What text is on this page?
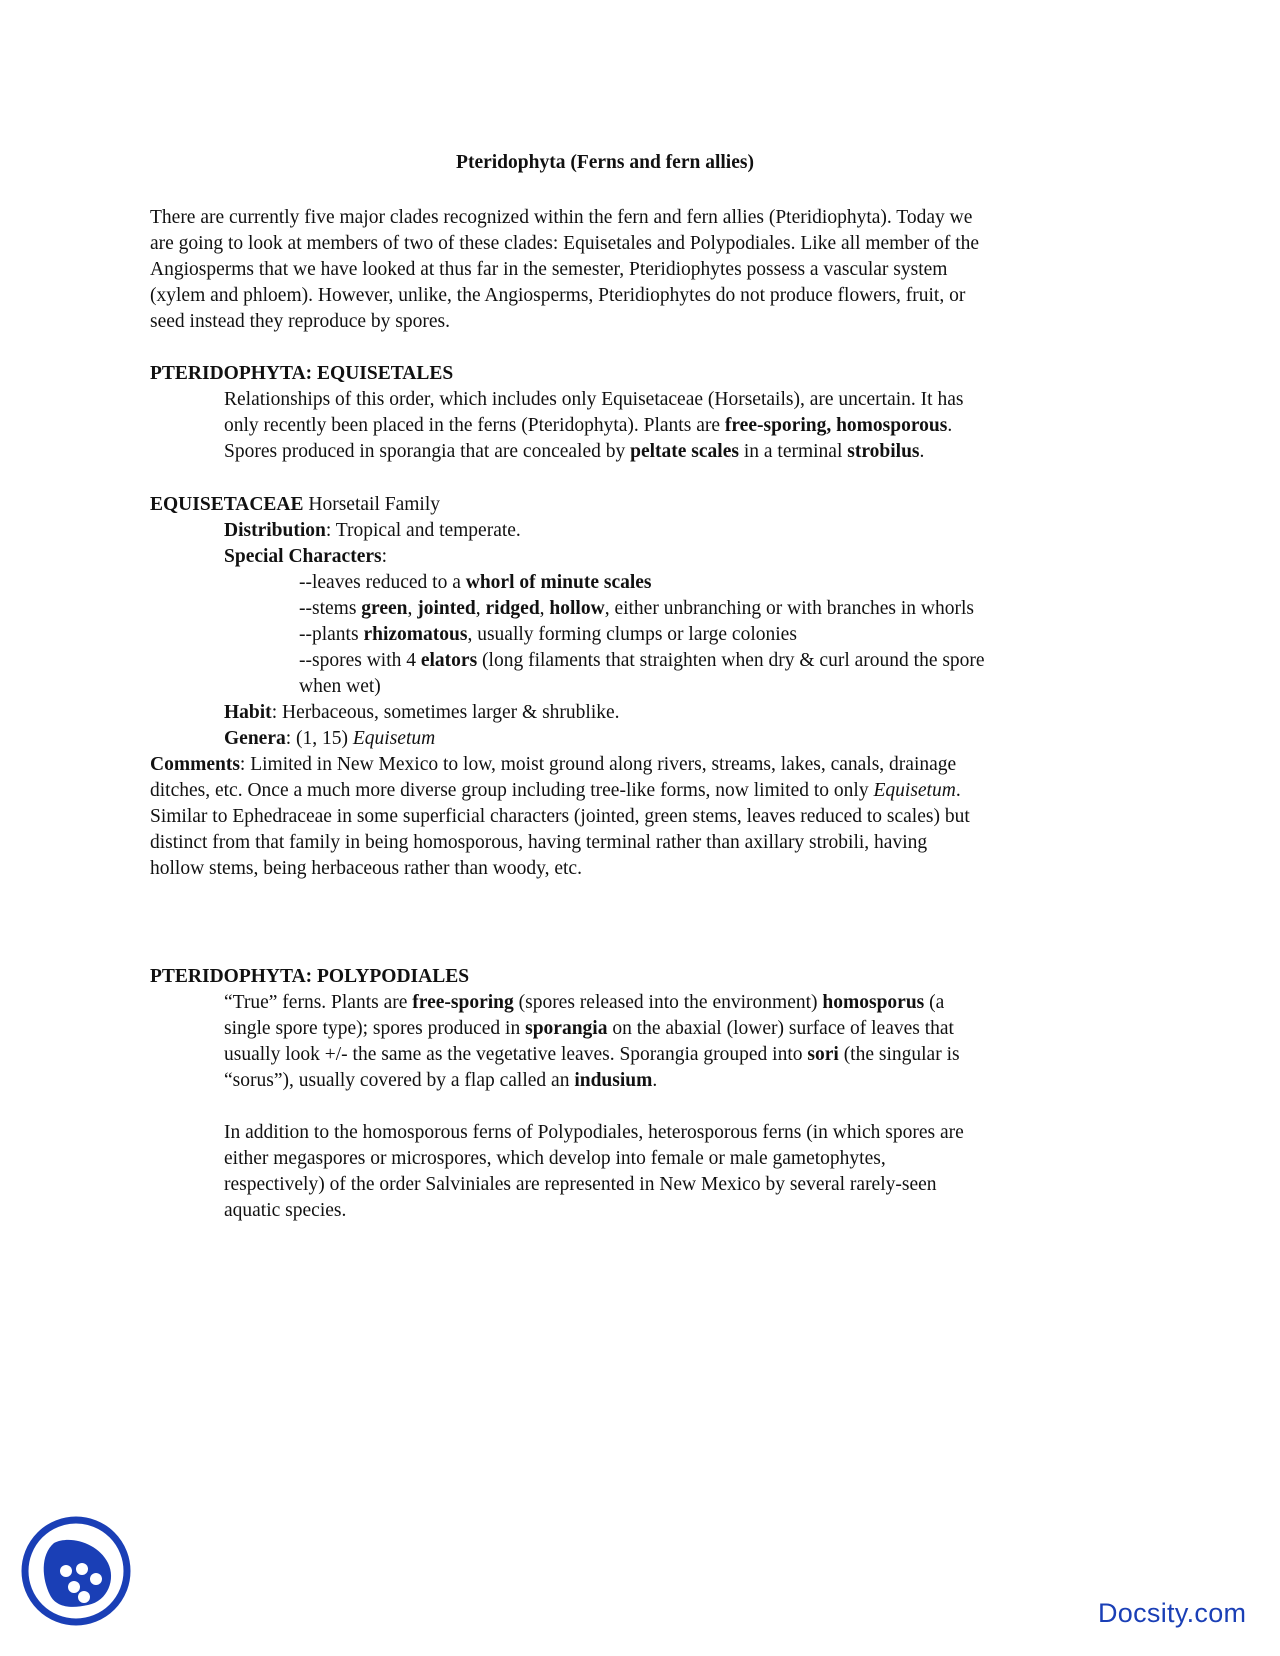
Pteridophyta (Ferns and fern allies)
There are currently five major clades recognized within the fern and fern allies (Pteridiophyta). Today we
are going to look at members of two of these clades: Equisetales and Polypodiales. Like all member of the
Angiosperms that we have looked at thus far in the semester, Pteridiophytes possess a vascular system
(xylem and phloem). However, unlike, the Angiosperms, Pteridiophytes do not produce flowers, fruit, or
seed instead they reproduce by spores.
PTERIDOPHYTA: EQUISETALES
Relationships of this order, which includes only Equisetaceae (Horsetails), are uncertain. It has
only recently been placed in the ferns (Pteridophyta). Plants are free-sporing, homosporous.
Spores produced in sporangia that are concealed by peltate scales in a terminal strobilus.
EQUISETACEAE Horsetail Family
Distribution: Tropical and temperate.
Special Characters:
--leaves reduced to a whorl of minute scales
--stems green, jointed, ridged, hollow, either unbranching or with branches in whorls
--plants rhizomatous, usually forming clumps or large colonies
--spores with 4 elators (long filaments that straighten when dry & curl around the spore
when wet)
Habit: Herbaceous, sometimes larger & shrublike.
Genera: (1, 15) Equisetum
Comments: Limited in New Mexico to low, moist ground along rivers, streams, lakes, canals, drainage
ditches, etc. Once a much more diverse group including tree-like forms, now limited to only Equisetum.
Similar to Ephedraceae in some superficial characters (jointed, green stems, leaves reduced to scales) but
distinct from that family in being homosporous, having terminal rather than axillary strobili, having
hollow stems, being herbaceous rather than woody, etc.
PTERIDOPHYTA: POLYPODIALES
“True” ferns. Plants are free-sporing (spores released into the environment) homosporus (a
single spore type); spores produced in sporangia on the abaxial (lower) surface of leaves that
usually look +/- the same as the vegetative leaves. Sporangia grouped into sori (the singular is
“sorus”), usually covered by a flap called an indusium.
In addition to the homosporous ferns of Polypodiales, heterosporous ferns (in which spores are
either megaspores or microspores, which develop into female or male gametophytes,
respectively) of the order Salviniales are represented in New Mexico by several rarely-seen
aquatic species.
Docsity.com
